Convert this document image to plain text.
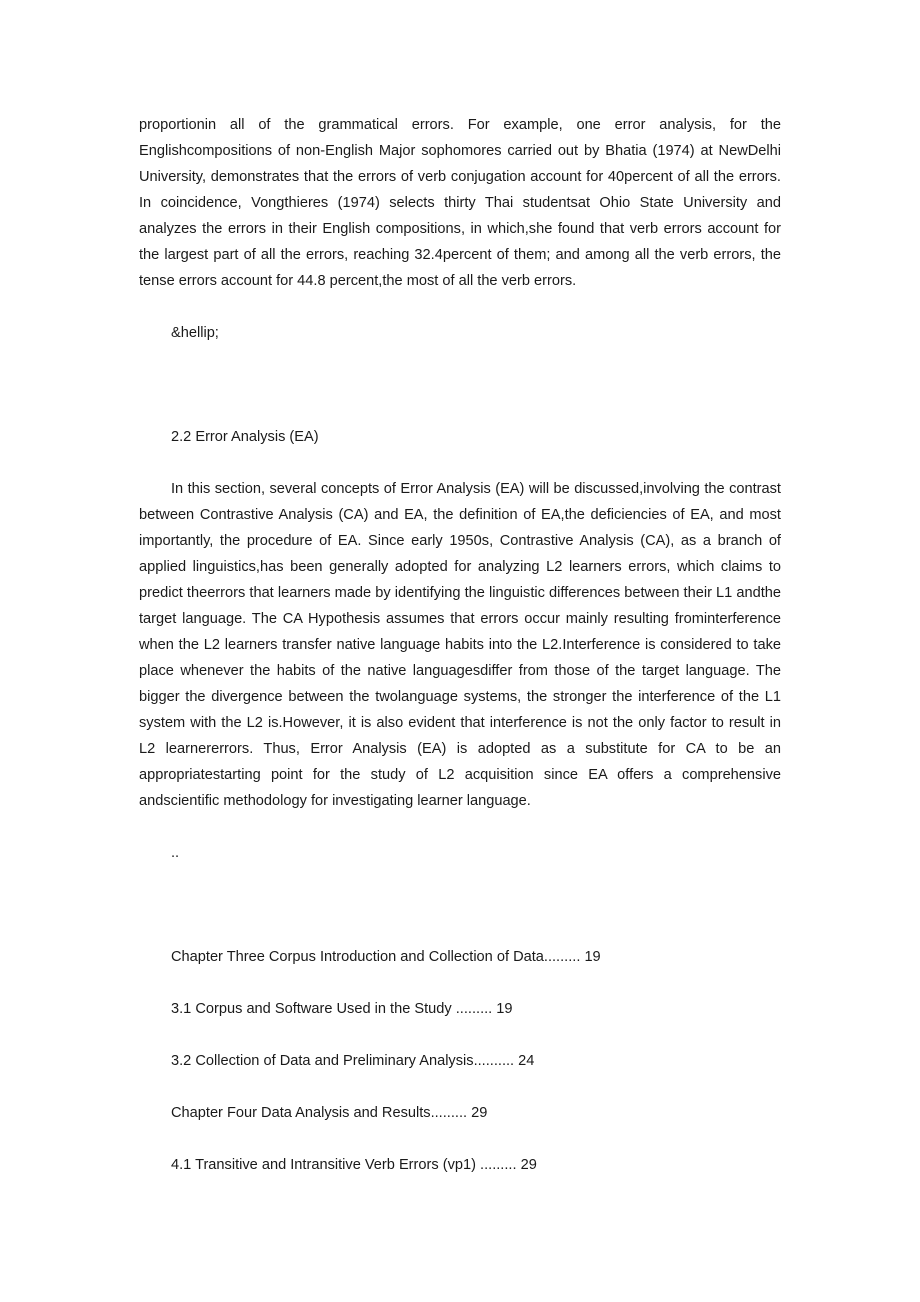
proportionin all of the grammatical errors. For example, one error analysis, for the Englishcompositions of non-English Major sophomores carried out by Bhatia (1974) at NewDelhi University, demonstrates that the errors of verb conjugation account for 40percent of all the errors. In coincidence, Vongthieres (1974) selects thirty Thai studentsat Ohio State University and analyzes the errors in their English compositions, in which,she found that verb errors account for the largest part of all the errors, reaching 32.4percent of them; and among all the verb errors, the tense errors account for 44.8 percent,the most of all the verb errors.

&hellip;

2.2 Error Analysis (EA)

In this section, several concepts of Error Analysis (EA) will be discussed,involving the contrast between Contrastive Analysis (CA) and EA, the definition of EA,the deficiencies of EA, and most importantly, the procedure of EA. Since early 1950s, Contrastive Analysis (CA), as a branch of applied linguistics,has been generally adopted for analyzing L2 learners errors, which claims to predict theerrors that learners made by identifying the linguistic differences between their L1 andthe target language. The CA Hypothesis assumes that errors occur mainly resulting frominterference when the L2 learners transfer native language habits into the L2.Interference is considered to take place whenever the habits of the native languagesdiffer from those of the target language. The bigger the divergence between the twolanguage systems, the stronger the interference of the L1 system with the L2 is.However, it is also evident that interference is not the only factor to result in L2 learnererrors. Thus, Error Analysis (EA) is adopted as a substitute for CA to be an appropriatestarting point for the study of L2 acquisition since EA offers a comprehensive andscientific methodology for investigating learner language.

..

Chapter Three Corpus Introduction and Collection of Data......... 19

3.1 Corpus and Software Used in the Study ......... 19

3.2 Collection of Data and Preliminary Analysis.......... 24

Chapter Four Data Analysis and Results......... 29

4.1 Transitive and Intransitive Verb Errors (vp1) ......... 29
